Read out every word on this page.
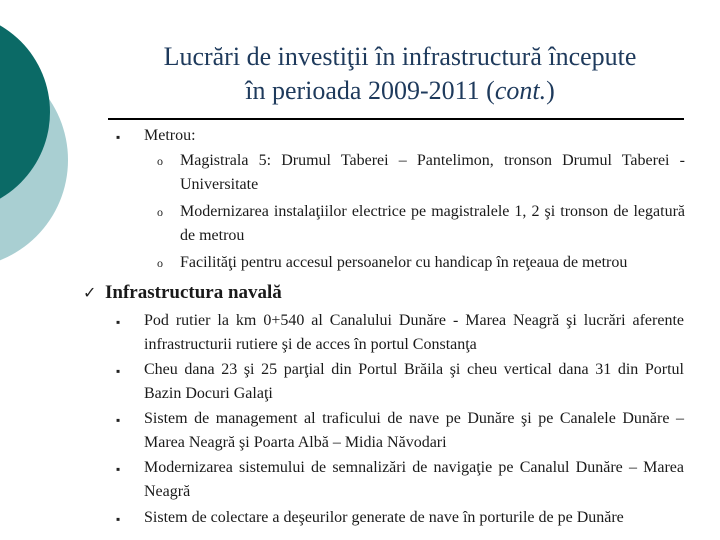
Lucrări de investiţii în infrastructură începute
în perioada 2009-2011 (cont.)
▪ Metrou:
o Magistrala 5: Drumul Taberei – Pantelimon, tronson Drumul Taberei - Universitate
o Modernizarea instalaţiilor electrice pe magistralele 1, 2 şi tronson de legatură de metrou
o Facilităţi pentru accesul persoanelor cu handicap în reţeaua de metrou
✓ Infrastructura navală
▪ Pod rutier la km 0+540 al Canalului Dunăre - Marea Neagră şi lucrări aferente infrastructurii rutiere şi de acces în portul Constanţa
▪ Cheu dana 23 şi 25 parţial din Portul Brăila şi cheu vertical dana 31 din Portul Bazin Docuri Galaţi
▪ Sistem de management al traficului de nave pe Dunăre şi pe Canalele Dunăre – Marea Neagră şi Poarta Albă – Midia Năvodari
▪ Modernizarea sistemului de semnalizări de navigaţie pe Canalul Dunăre – Marea Neagră
▪ Sistem de colectare a deşeurilor generate de nave în porturile de pe Dunăre
